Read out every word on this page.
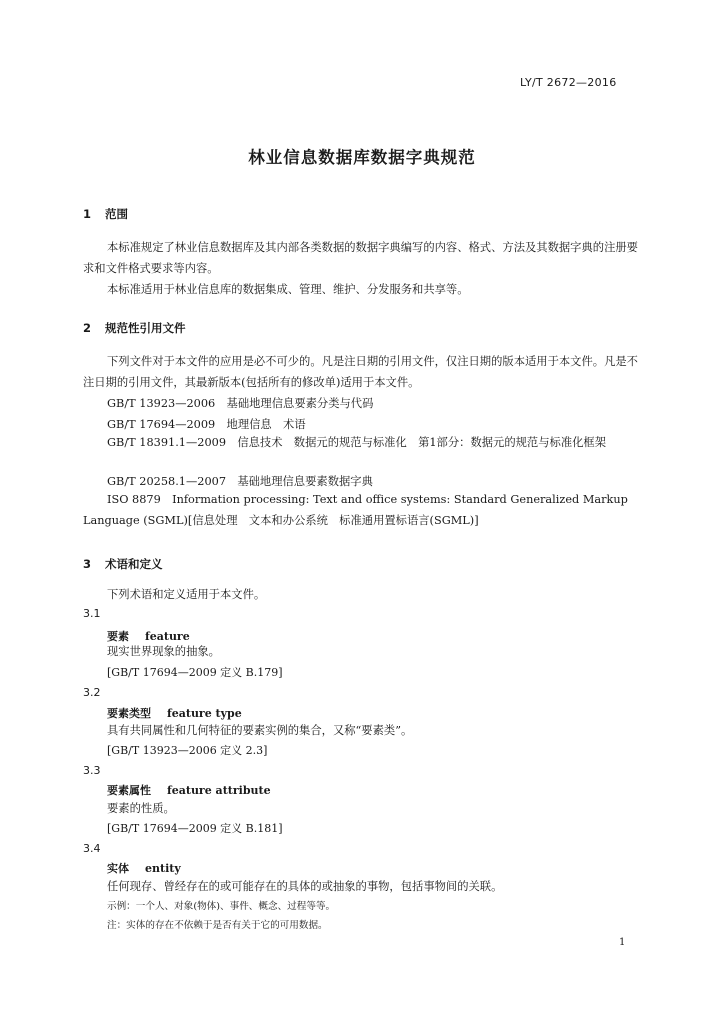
LY/T 2672—2016
林业信息数据库数据字典规范
1 范围
本标准规定了林业信息数据库及其内部各类数据的数据字典编写的内容、格式、方法及其数据字典的注册要求和文件格式要求等内容。
本标准适用于林业信息库的数据集成、管理、维护、分发服务和共享等。
2 规范性引用文件
下列文件对于本文件的应用是必不可少的。凡是注日期的引用文件，仅注日期的版本适用于本文件。凡是不注日期的引用文件，其最新版本(包括所有的修改单)适用于本文件。
GB/T 13923—2006　基础地理信息要素分类与代码
GB/T 17694—2009　地理信息　术语
GB/T 18391.1—2009　信息技术　数据元的规范与标准化　第1部分：数据元的规范与标准化框架
GB/T 20258.1—2007　基础地理信息要素数据字典
ISO 8879　Information processing: Text and office systems: Standard Generalized Markup Language (SGML)[信息处理　文本和办公系统　标准通用置标语言(SGML)]
3 术语和定义
下列术语和定义适用于本文件。
3.1
要素 feature
现实世界现象的抽象。
[GB/T 17694—2009 定义 B.179]
3.2
要素类型 feature type
具有共同属性和几何特征的要素实例的集合，又称“要素类”。
[GB/T 13923—2006 定义 2.3]
3.3
要素属性 feature attribute
要素的性质。
[GB/T 17694—2009 定义 B.181]
3.4
实体 entity
任何现存、曾经存在的或可能存在的具体的或抽象的事物，包括事物间的关联。
示例：一个人、对象(物体)、事件、概念、过程等等。
注：实体的存在不依赖于是否有关于它的可用数据。
1
